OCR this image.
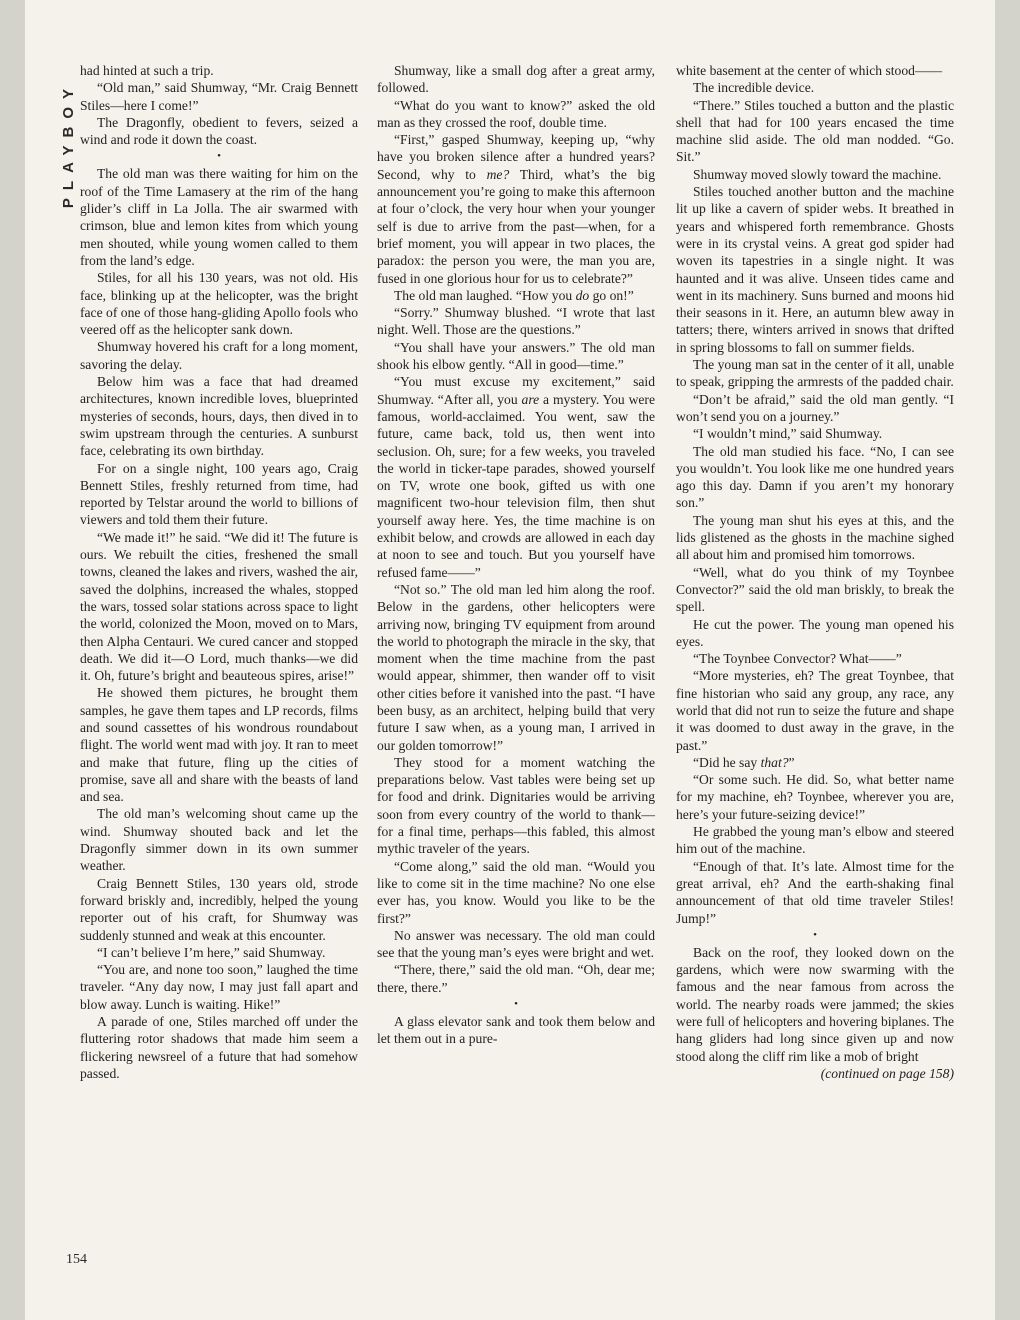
PLAYBOY

had hinted at such a trip.

“Old man,” said Shumway, “Mr. Craig Bennett Stiles—here I come!”

The Dragonfly, obedient to fevers, seized a wind and rode it down the coast.

•

The old man was there waiting for him on the roof of the Time Lamasery at the rim of the hang glider’s cliff in La Jolla. The air swarmed with crimson, blue and lemon kites from which young men shouted, while young women called to them from the land’s edge.

Stiles, for all his 130 years, was not old. His face, blinking up at the helicopter, was the bright face of one of those hang-gliding Apollo fools who veered off as the helicopter sank down.

Shumway hovered his craft for a long moment, savoring the delay.

Below him was a face that had dreamed architectures, known incredible loves, blueprinted mysteries of seconds, hours, days, then dived in to swim upstream through the centuries. A sunburst face, celebrating its own birthday.

For on a single night, 100 years ago, Craig Bennett Stiles, freshly returned from time, had reported by Telstar around the world to billions of viewers and told them their future.

“We made it!” he said. “We did it! The future is ours. We rebuilt the cities, freshened the small towns, cleaned the lakes and rivers, washed the air, saved the dolphins, increased the whales, stopped the wars, tossed solar stations across space to light the world, colonized the Moon, moved on to Mars, then Alpha Centauri. We cured cancer and stopped death. We did it—O Lord, much thanks—we did it. Oh, future’s bright and beauteous spires, arise!”

He showed them pictures, he brought them samples, he gave them tapes and LP records, films and sound cassettes of his wondrous roundabout flight. The world went mad with joy. It ran to meet and make that future, fling up the cities of promise, save all and share with the beasts of land and sea.

The old man’s welcoming shout came up the wind. Shumway shouted back and let the Dragonfly simmer down in its own summer weather.

Craig Bennett Stiles, 130 years old, strode forward briskly and, incredibly, helped the young reporter out of his craft, for Shumway was suddenly stunned and weak at this encounter.

“I can’t believe I’m here,” said Shumway.

“You are, and none too soon,” laughed the time traveler. “Any day now, I may just fall apart and blow away. Lunch is waiting. Hike!”

A parade of one, Stiles marched off under the fluttering rotor shadows that made him seem a flickering newsreel of a future that had somehow passed.

Shumway, like a small dog after a great army, followed.

“What do you want to know?” asked the old man as they crossed the roof, double time.

“First,” gasped Shumway, keeping up, “why have you broken silence after a hundred years? Second, why to me? Third, what’s the big announcement you’re going to make this afternoon at four o’clock, the very hour when your younger self is due to arrive from the past—when, for a brief moment, you will appear in two places, the paradox: the person you were, the man you are, fused in one glorious hour for us to celebrate?”

The old man laughed. “How you do go on!”

“Sorry.” Shumway blushed. “I wrote that last night. Well. Those are the questions.”

“You shall have your answers.” The old man shook his elbow gently. “All in good—time.”

“You must excuse my excitement,” said Shumway. “After all, you are a mystery. You were famous, world-acclaimed. You went, saw the future, came back, told us, then went into seclusion. Oh, sure; for a few weeks, you traveled the world in ticker-tape parades, showed yourself on TV, wrote one book, gifted us with one magnificent two-hour television film, then shut yourself away here. Yes, the time machine is on exhibit below, and crowds are allowed in each day at noon to see and touch. But you yourself have refused fame——”

“Not so.” The old man led him along the roof. Below in the gardens, other helicopters were arriving now, bringing TV equipment from around the world to photograph the miracle in the sky, that moment when the time machine from the past would appear, shimmer, then wander off to visit other cities before it vanished into the past. “I have been busy, as an architect, helping build that very future I saw when, as a young man, I arrived in our golden tomorrow!”

They stood for a moment watching the preparations below. Vast tables were being set up for food and drink. Dignitaries would be arriving soon from every country of the world to thank—for a final time, perhaps—this fabled, this almost mythic traveler of the years.

“Come along,” said the old man. “Would you like to come sit in the time machine? No one else ever has, you know. Would you like to be the first?”

No answer was necessary. The old man could see that the young man’s eyes were bright and wet.

“There, there,” said the old man. “Oh, dear me; there, there.”

•

A glass elevator sank and took them below and let them out in a pure-

white basement at the center of which stood——

The incredible device.

“There.” Stiles touched a button and the plastic shell that had for 100 years encased the time machine slid aside. The old man nodded. “Go. Sit.”

Shumway moved slowly toward the machine.

Stiles touched another button and the machine lit up like a cavern of spider webs. It breathed in years and whispered forth remembrance. Ghosts were in its crystal veins. A great god spider had woven its tapestries in a single night. It was haunted and it was alive. Unseen tides came and went in its machinery. Suns burned and moons hid their seasons in it. Here, an autumn blew away in tatters; there, winters arrived in snows that drifted in spring blossoms to fall on summer fields.

The young man sat in the center of it all, unable to speak, gripping the armrests of the padded chair.

“Don’t be afraid,” said the old man gently. “I won’t send you on a journey.”

“I wouldn’t mind,” said Shumway.

The old man studied his face. “No, I can see you wouldn’t. You look like me one hundred years ago this day. Damn if you aren’t my honorary son.”

The young man shut his eyes at this, and the lids glistened as the ghosts in the machine sighed all about him and promised him tomorrows.

“Well, what do you think of my Toynbee Convector?” said the old man briskly, to break the spell.

He cut the power. The young man opened his eyes.

“The Toynbee Convector? What——”

“More mysteries, eh? The great Toynbee, that fine historian who said any group, any race, any world that did not run to seize the future and shape it was doomed to dust away in the grave, in the past.”

“Did he say that?”

“Or some such. He did. So, what better name for my machine, eh? Toynbee, wherever you are, here’s your future-seizing device!”

He grabbed the young man’s elbow and steered him out of the machine.

“Enough of that. It’s late. Almost time for the great arrival, eh? And the earth-shaking final announcement of that old time traveler Stiles! Jump!”

•

Back on the roof, they looked down on the gardens, which were now swarming with the famous and the near famous from across the world. The nearby roads were jammed; the skies were full of helicopters and hovering biplanes. The hang gliders had long since given up and now stood along the cliff rim like a mob of bright

(continued on page 158)

154
